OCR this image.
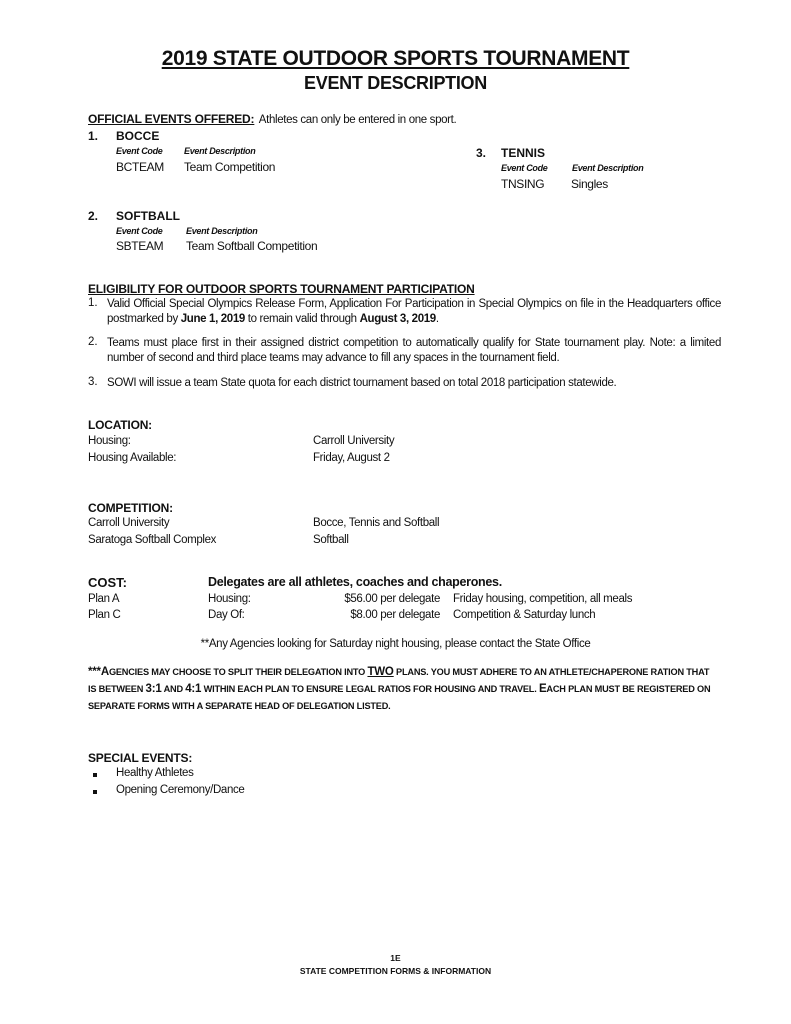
2019 STATE OUTDOOR SPORTS TOURNAMENT
EVENT DESCRIPTION
OFFICIAL EVENTS OFFERED: Athletes can only be entered in one sport.
1. BOCCE
Event Code Event Description
BCTEAM Team Competition
2. SOFTBALL
Event Code	Event Description
SBTEAM Team Softball Competition
3. TENNIS
Event Code	Event Description
TNSING Singles
ELIGIBILITY FOR OUTDOOR SPORTS TOURNAMENT PARTICIPATION
1. Valid Official Special Olympics Release Form, Application For Participation in Special Olympics on file in the Headquarters office postmarked by June 1, 2019 to remain valid through August 3, 2019.
2. Teams must place first in their assigned district competition to automatically qualify for State tournament play. Note: a limited number of second and third place teams may advance to fill any spaces in the tournament field.
3. SOWI will issue a team State quota for each district tournament based on total 2018 participation statewide.
LOCATION:
Housing:	Carroll University
Housing Available:	Friday, August 2
COMPETITION:
Carroll University	Bocce, Tennis and Softball
Saratoga Softball Complex	Softball
COST:	Delegates are all athletes, coaches and chaperones.
Plan A	Housing:	$56.00 per delegate Friday housing, competition, all meals
Plan C	Day Of:	$8.00 per delegate Competition & Saturday lunch
**Any Agencies looking for Saturday night housing, please contact the State Office
***AGENCIES MAY CHOOSE TO SPLIT THEIR DELEGATION INTO TWO PLANS. YOU MUST ADHERE TO AN ATHLETE/CHAPERONE RATION THAT IS BETWEEN 3:1 AND 4:1 WITHIN EACH PLAN TO ENSURE LEGAL RATIOS FOR HOUSING AND TRAVEL. EACH PLAN MUST BE REGISTERED ON SEPARATE FORMS WITH A SEPARATE HEAD OF DELEGATION LISTED.
SPECIAL EVENTS:
Healthy Athletes
Opening Ceremony/Dance
1E
STATE COMPETITION FORMS & INFORMATION
